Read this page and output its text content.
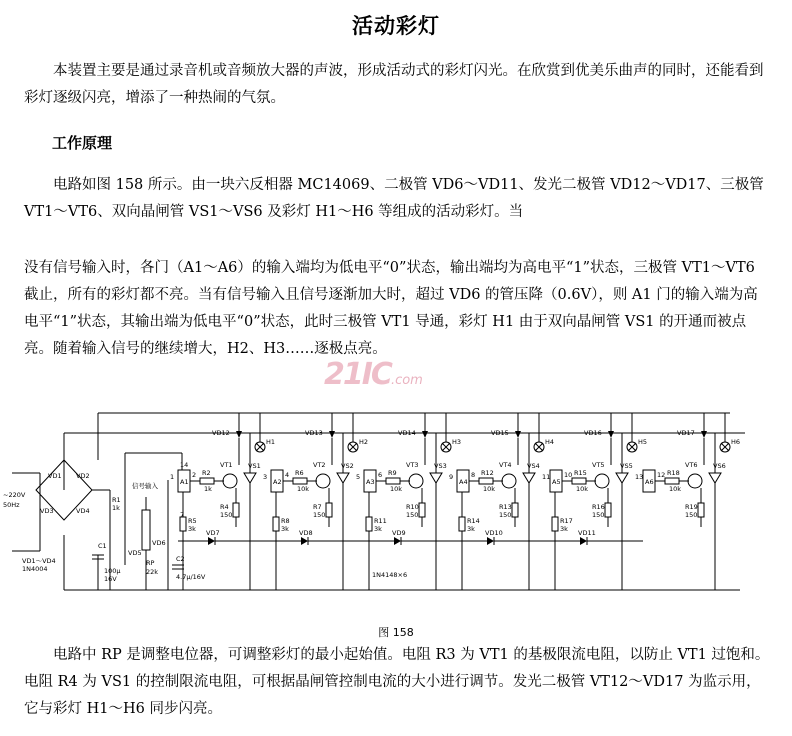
活动彩灯

本装置主要是通过录音机或音频放大器的声波，形成活动式的彩灯闪光。在欣赏到优美乐曲声的同时，还能看到彩灯逐级闪亮，增添了一种热闹的气氛。

工作原理

电路如图 158 所示。由一块六反相器 MC14069、二极管 VD6～VD11、发光二极管 VD12～VD17、三极管 VT1～VT6、双向晶闸管 VS1～VS6 及彩灯 H1～H6 等组成的活动彩灯。当

没有信号输入时，各门（A1～A6）的输入端均为低电平“0”状态，输出端均为高电平“1”状态，三极管 VT1～VT6 截止，所有的彩灯都不亮。当有信号输入且信号逐渐加大时，超过 VD6 的管压降（0.6V），则 A1 门的输入端为高电平“1”状态，其输出端为低电平“0”状态，此时三极管 VT1 导通，彩灯 H1 由于双向晶闸管 VS1 的开通而被点亮。随着输入信号的继续增大，H2、H3……逐极点亮。

21IC.com
~220V
50Hz
VD1 VD2
VD3	VD4
VD1～VD4
1N4004
R1
1k
C1
100μ
16V
C2
4.7μ/16V
VD6
VD5
RP
22k
信号输入
14
7
1N4148×6
A1
1	2 R2
1k
VT1 VS1
R4
150
R5
3k VD7
VD12
H1
A2
3	4 R6
10k
VT2 VS2
R7
150
R8
3k VD8
VD13
H2
A3
5	6 R9
10k
VT3 VS3
R10
150
R11
3k VD9
VD14
H3
A4
9	8 R12
10k
VT4 VS4
R13
150
R14
3k VD10
VD15
H4
A5
11 10 R15
10k
VT5 VS5
R16
150
R17
3k VD11
VD16
H5
A6
13 12 R18
10k
VT6 VS6
R19
150
VD17
H6
图 158

电路中 RP 是调整电位器，可调整彩灯的最小起始值。电阻 R3 为 VT1 的基极限流电阻，以防止 VT1 过饱和。电阻 R4 为 VS1 的控制限流电阻，可根据晶闸管控制电流的大小进行调节。发光二极管 VT12～VD17 为监示用，它与彩灯 H1～H6 同步闪亮。
